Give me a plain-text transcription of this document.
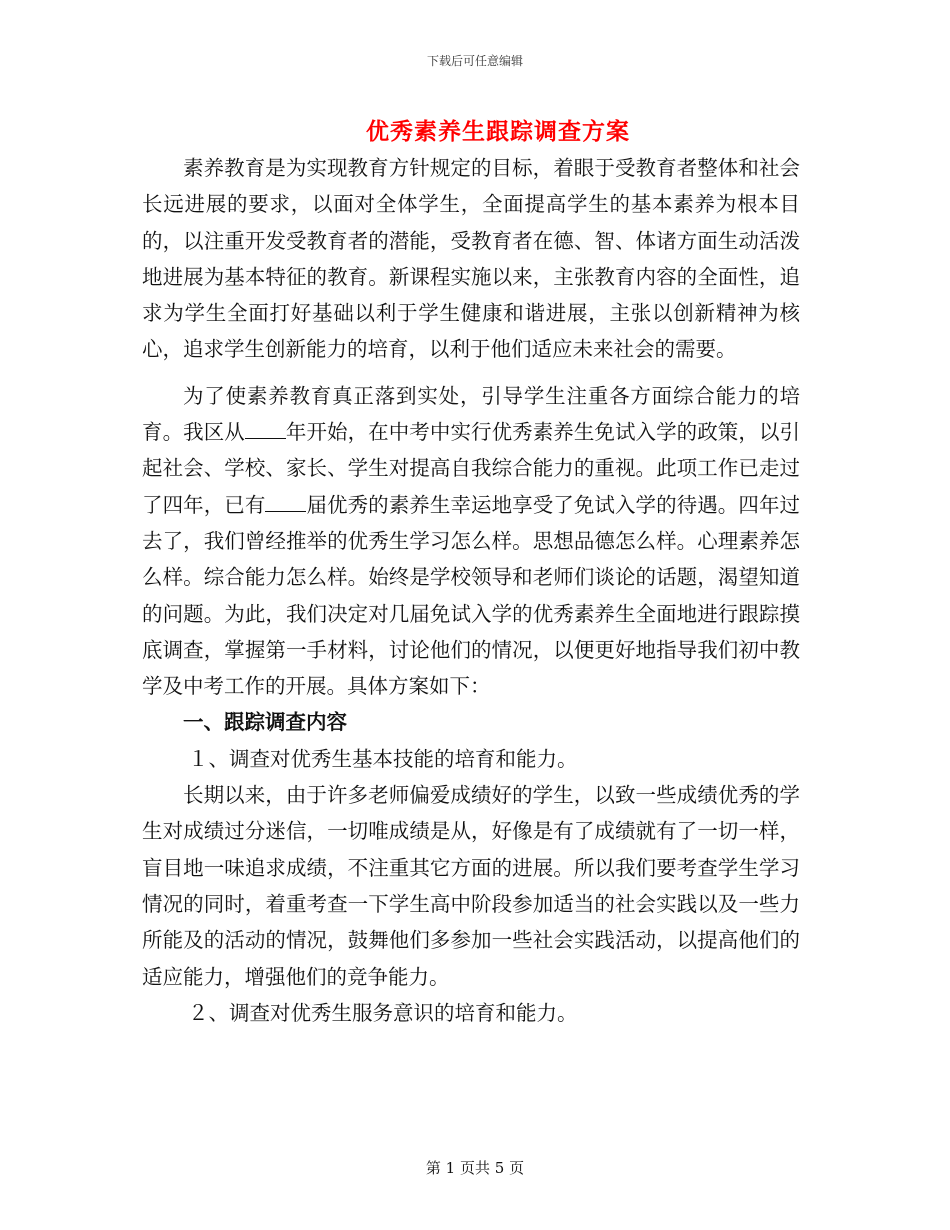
下载后可任意编辑
优秀素养生跟踪调查方案

素养教育是为实现教育方针规定的目标，着眼于受教育者整体和社会长远进展的要求，以面对全体学生，全面提高学生的基本素养为根本目的，以注重开发受教育者的潜能，受教育者在德、智、体诸方面生动活泼地进展为基本特征的教育。新课程实施以来，主张教育内容的全面性，追求为学生全面打好基础以利于学生健康和谐进展，主张以创新精神为核心，追求学生创新能力的培育，以利于他们适应未来社会的需要。

为了使素养教育真正落到实处，引导学生注重各方面综合能力的培育。我区从 年开始，在中考中实行优秀素养生免试入学的政策，以引起社会、学校、家长、学生对提高自我综合能力的重视。此项工作已走过了四年，已有 届优秀的素养生幸运地享受了免试入学的待遇。四年过去了，我们曾经推举的优秀生学习怎么样。思想品德怎么样。心理素养怎么样。综合能力怎么样。始终是学校领导和老师们谈论的话题，渴望知道的问题。为此，我们决定对几届免试入学的优秀素养生全面地进行跟踪摸底调查，掌握第一手材料，讨论他们的情况，以便更好地指导我们初中教学及中考工作的开展。具体方案如下：

一、跟踪调查内容

１、调查对优秀生基本技能的培育和能力。

长期以来，由于许多老师偏爱成绩好的学生，以致一些成绩优秀的学生对成绩过分迷信，一切唯成绩是从，好像是有了成绩就有了一切一样，盲目地一味追求成绩，不注重其它方面的进展。所以我们要考查学生学习情况的同时，着重考查一下学生高中阶段参加适当的社会实践以及一些力所能及的活动的情况，鼓舞他们多参加一些社会实践活动，以提高他们的适应能力，增强他们的竞争能力。

２、调查对优秀生服务意识的培育和能力。

第 1 页共 5 页
